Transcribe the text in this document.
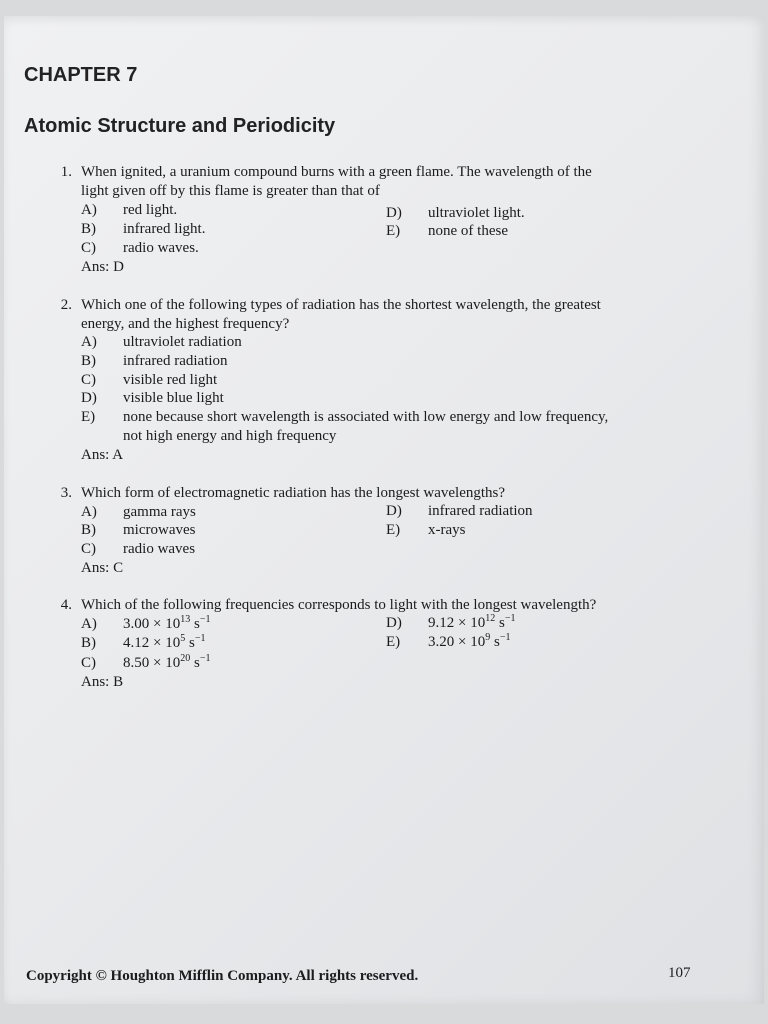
CHAPTER 7
Atomic Structure and Periodicity
1. When ignited, a uranium compound burns with a green flame. The wavelength of the
light given off by this flame is greater than that of
A) red light.
B) infrared light.
C) radio waves.
D) ultraviolet light.
E) none of these
Ans: D
2. Which one of the following types of radiation has the shortest wavelength, the greatest
energy, and the highest frequency?
A) ultraviolet radiation
B) infrared radiation
C) visible red light
D) visible blue light
E) none because short wavelength is associated with low energy and low frequency,
not high energy and high frequency
Ans: A
3. Which form of electromagnetic radiation has the longest wavelengths?
A) gamma rays
B) microwaves
C) radio waves
D) infrared radiation
E) x-rays
Ans: C
4. Which of the following frequencies corresponds to light with the longest wavelength?
A) $3.00 \times 10^{13}$ $s^{-1}$
B) $4.12 \times 10^5$ $s^{-1}$
C) $8.50 \times 10^{20}$ $s^{-1}$
D) $9.12 \times 10^{12}$ $s^{-1}$
E) $3.20 \times 10^9$ $s^{-1}$
Ans: B
Copyright © Houghton Mifflin Company. All rights reserved.	107
